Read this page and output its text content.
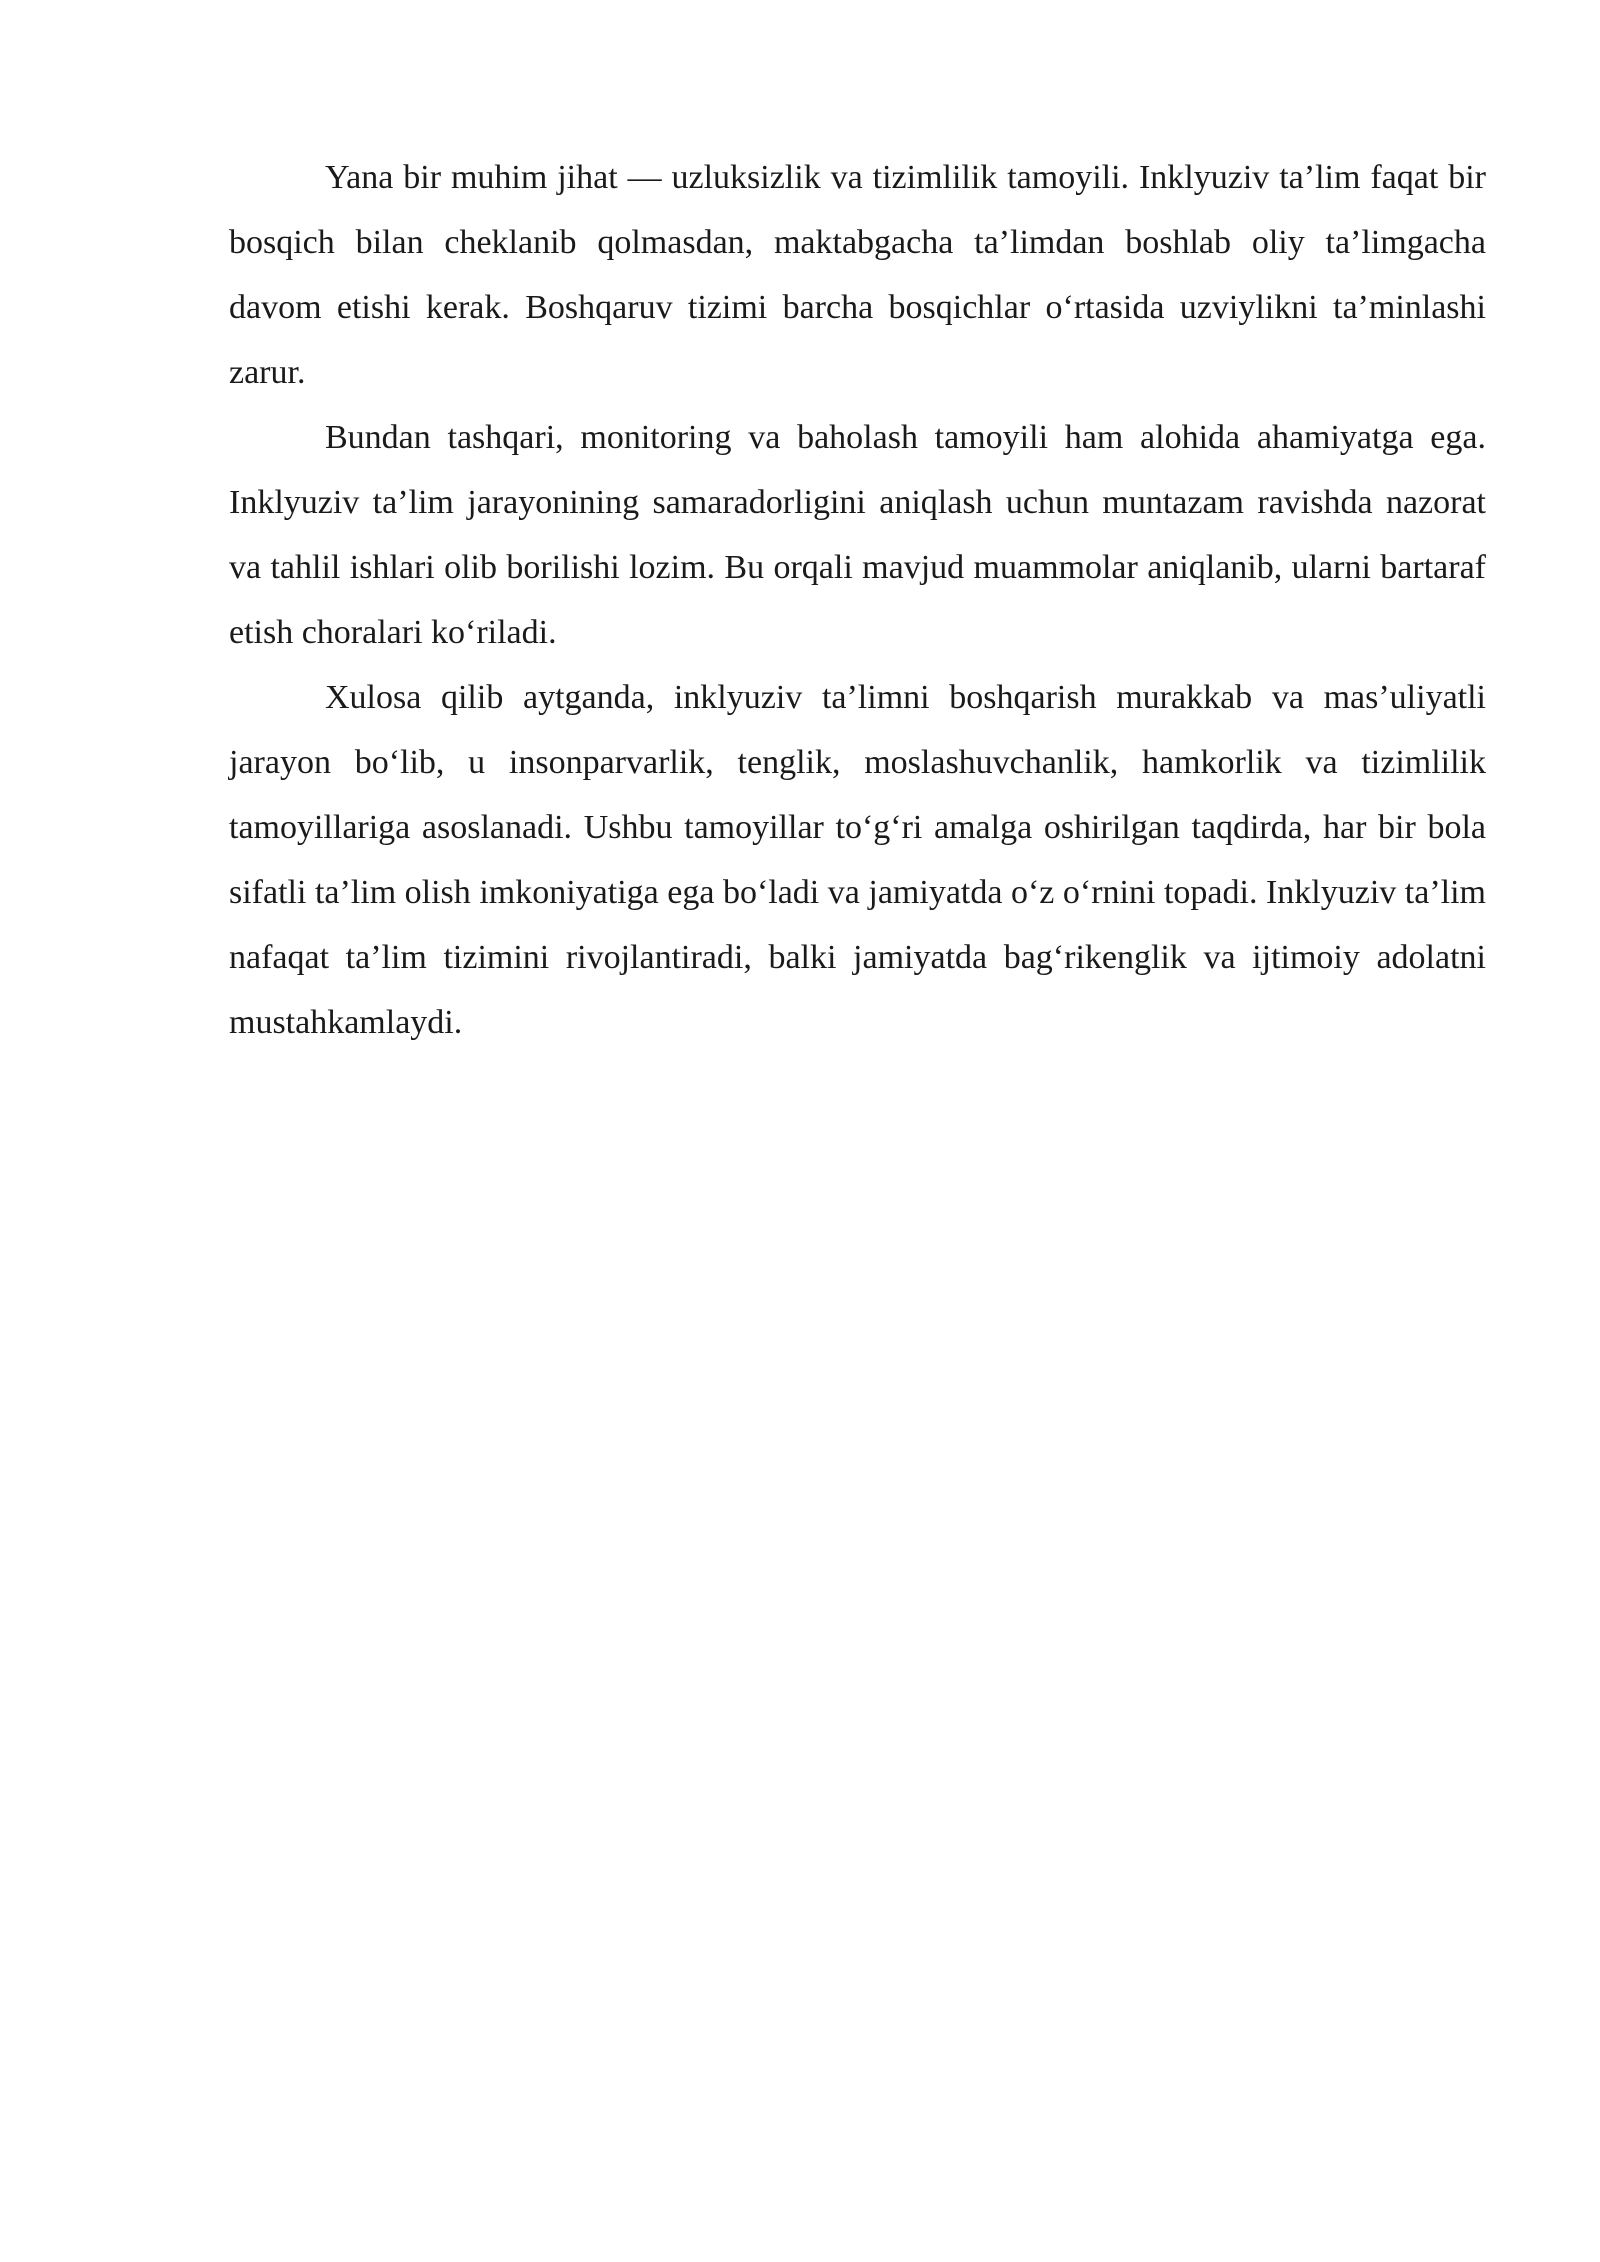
Yana bir muhim jihat — uzluksizlik va tizimlilik tamoyili. Inklyuziv ta’lim faqat bir bosqich bilan cheklanib qolmasdan, maktabgacha ta’limdan boshlab oliy ta’limgacha davom etishi kerak. Boshqaruv tizimi barcha bosqichlar o‘rtasida uzviylikni ta’minlashi zarur.

Bundan tashqari, monitoring va baholash tamoyili ham alohida ahamiyatga ega. Inklyuziv ta’lim jarayonining samaradorligini aniqlash uchun muntazam ravishda nazorat va tahlil ishlari olib borilishi lozim. Bu orqali mavjud muammolar aniqlanib, ularni bartaraf etish choralari ko‘riladi.

Xulosa qilib aytganda, inklyuziv ta’limni boshqarish murakkab va mas’uliyatli jarayon bo‘lib, u insonparvarlik, tenglik, moslashuvchanlik, hamkorlik va tizimlilik tamoyillariga asoslanadi. Ushbu tamoyillar to‘g‘ri amalga oshirilgan taqdirda, har bir bola sifatli ta’lim olish imkoniyatiga ega bo‘ladi va jamiyatda o‘z o‘rnini topadi. Inklyuziv ta’lim nafaqat ta’lim tizimini rivojlantiradi, balki jamiyatda bag‘rikenglik va ijtimoiy adolatni mustahkamlaydi.
